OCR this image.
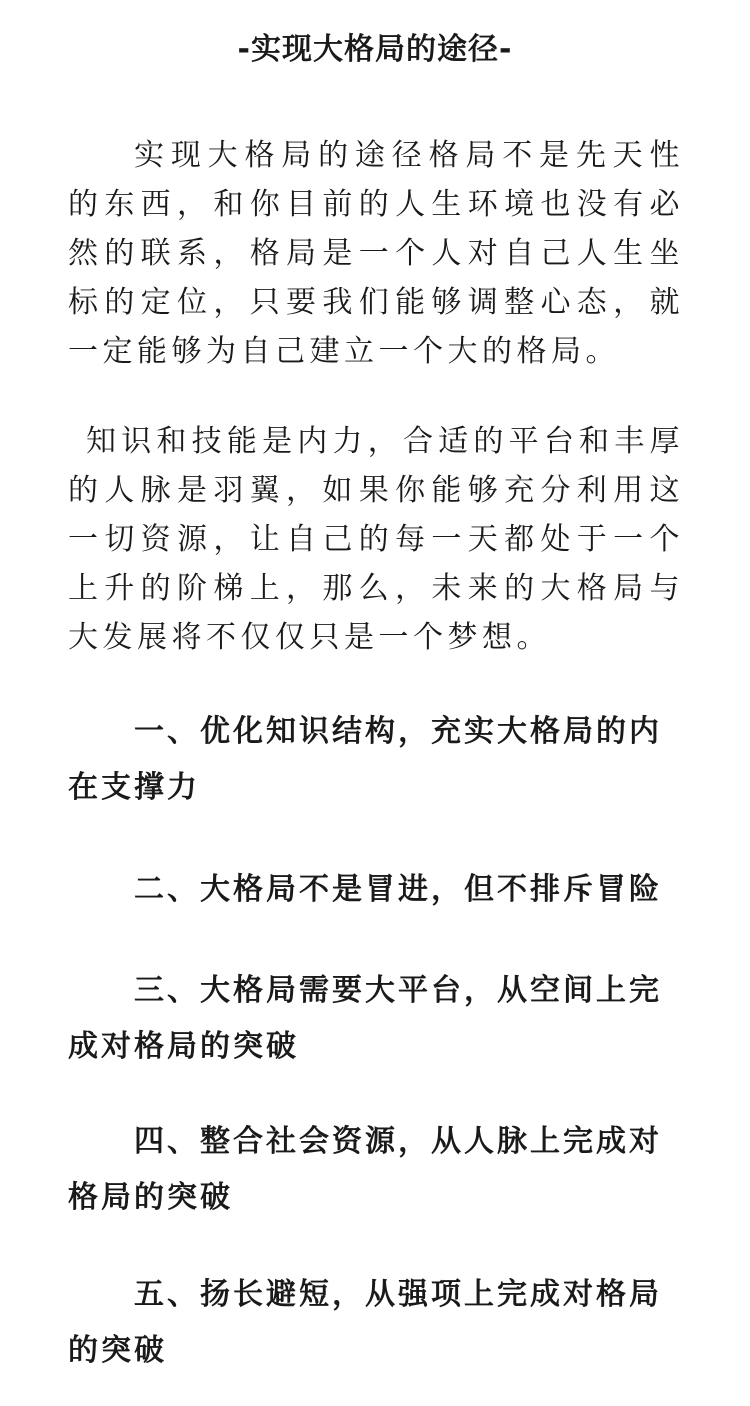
-实现大格局的途径-

实现大格局的途径格局不是先天性的东西，和你目前的人生环境也没有必然的联系，格局是一个人对自己人生坐标的定位，只要我们能够调整心态，就一定能够为自己建立一个大的格局。

知识和技能是内力，合适的平台和丰厚的人脉是羽翼，如果你能够充分利用这一切资源，让自己的每一天都处于一个上升的阶梯上，那么，未来的大格局与大发展将不仅仅只是一个梦想。

一、优化知识结构，充实大格局的内在支撑力

二、大格局不是冒进，但不排斥冒险

三、大格局需要大平台，从空间上完成对格局的突破

四、整合社会资源，从人脉上完成对格局的突破

五、扬长避短，从强项上完成对格局的突破
